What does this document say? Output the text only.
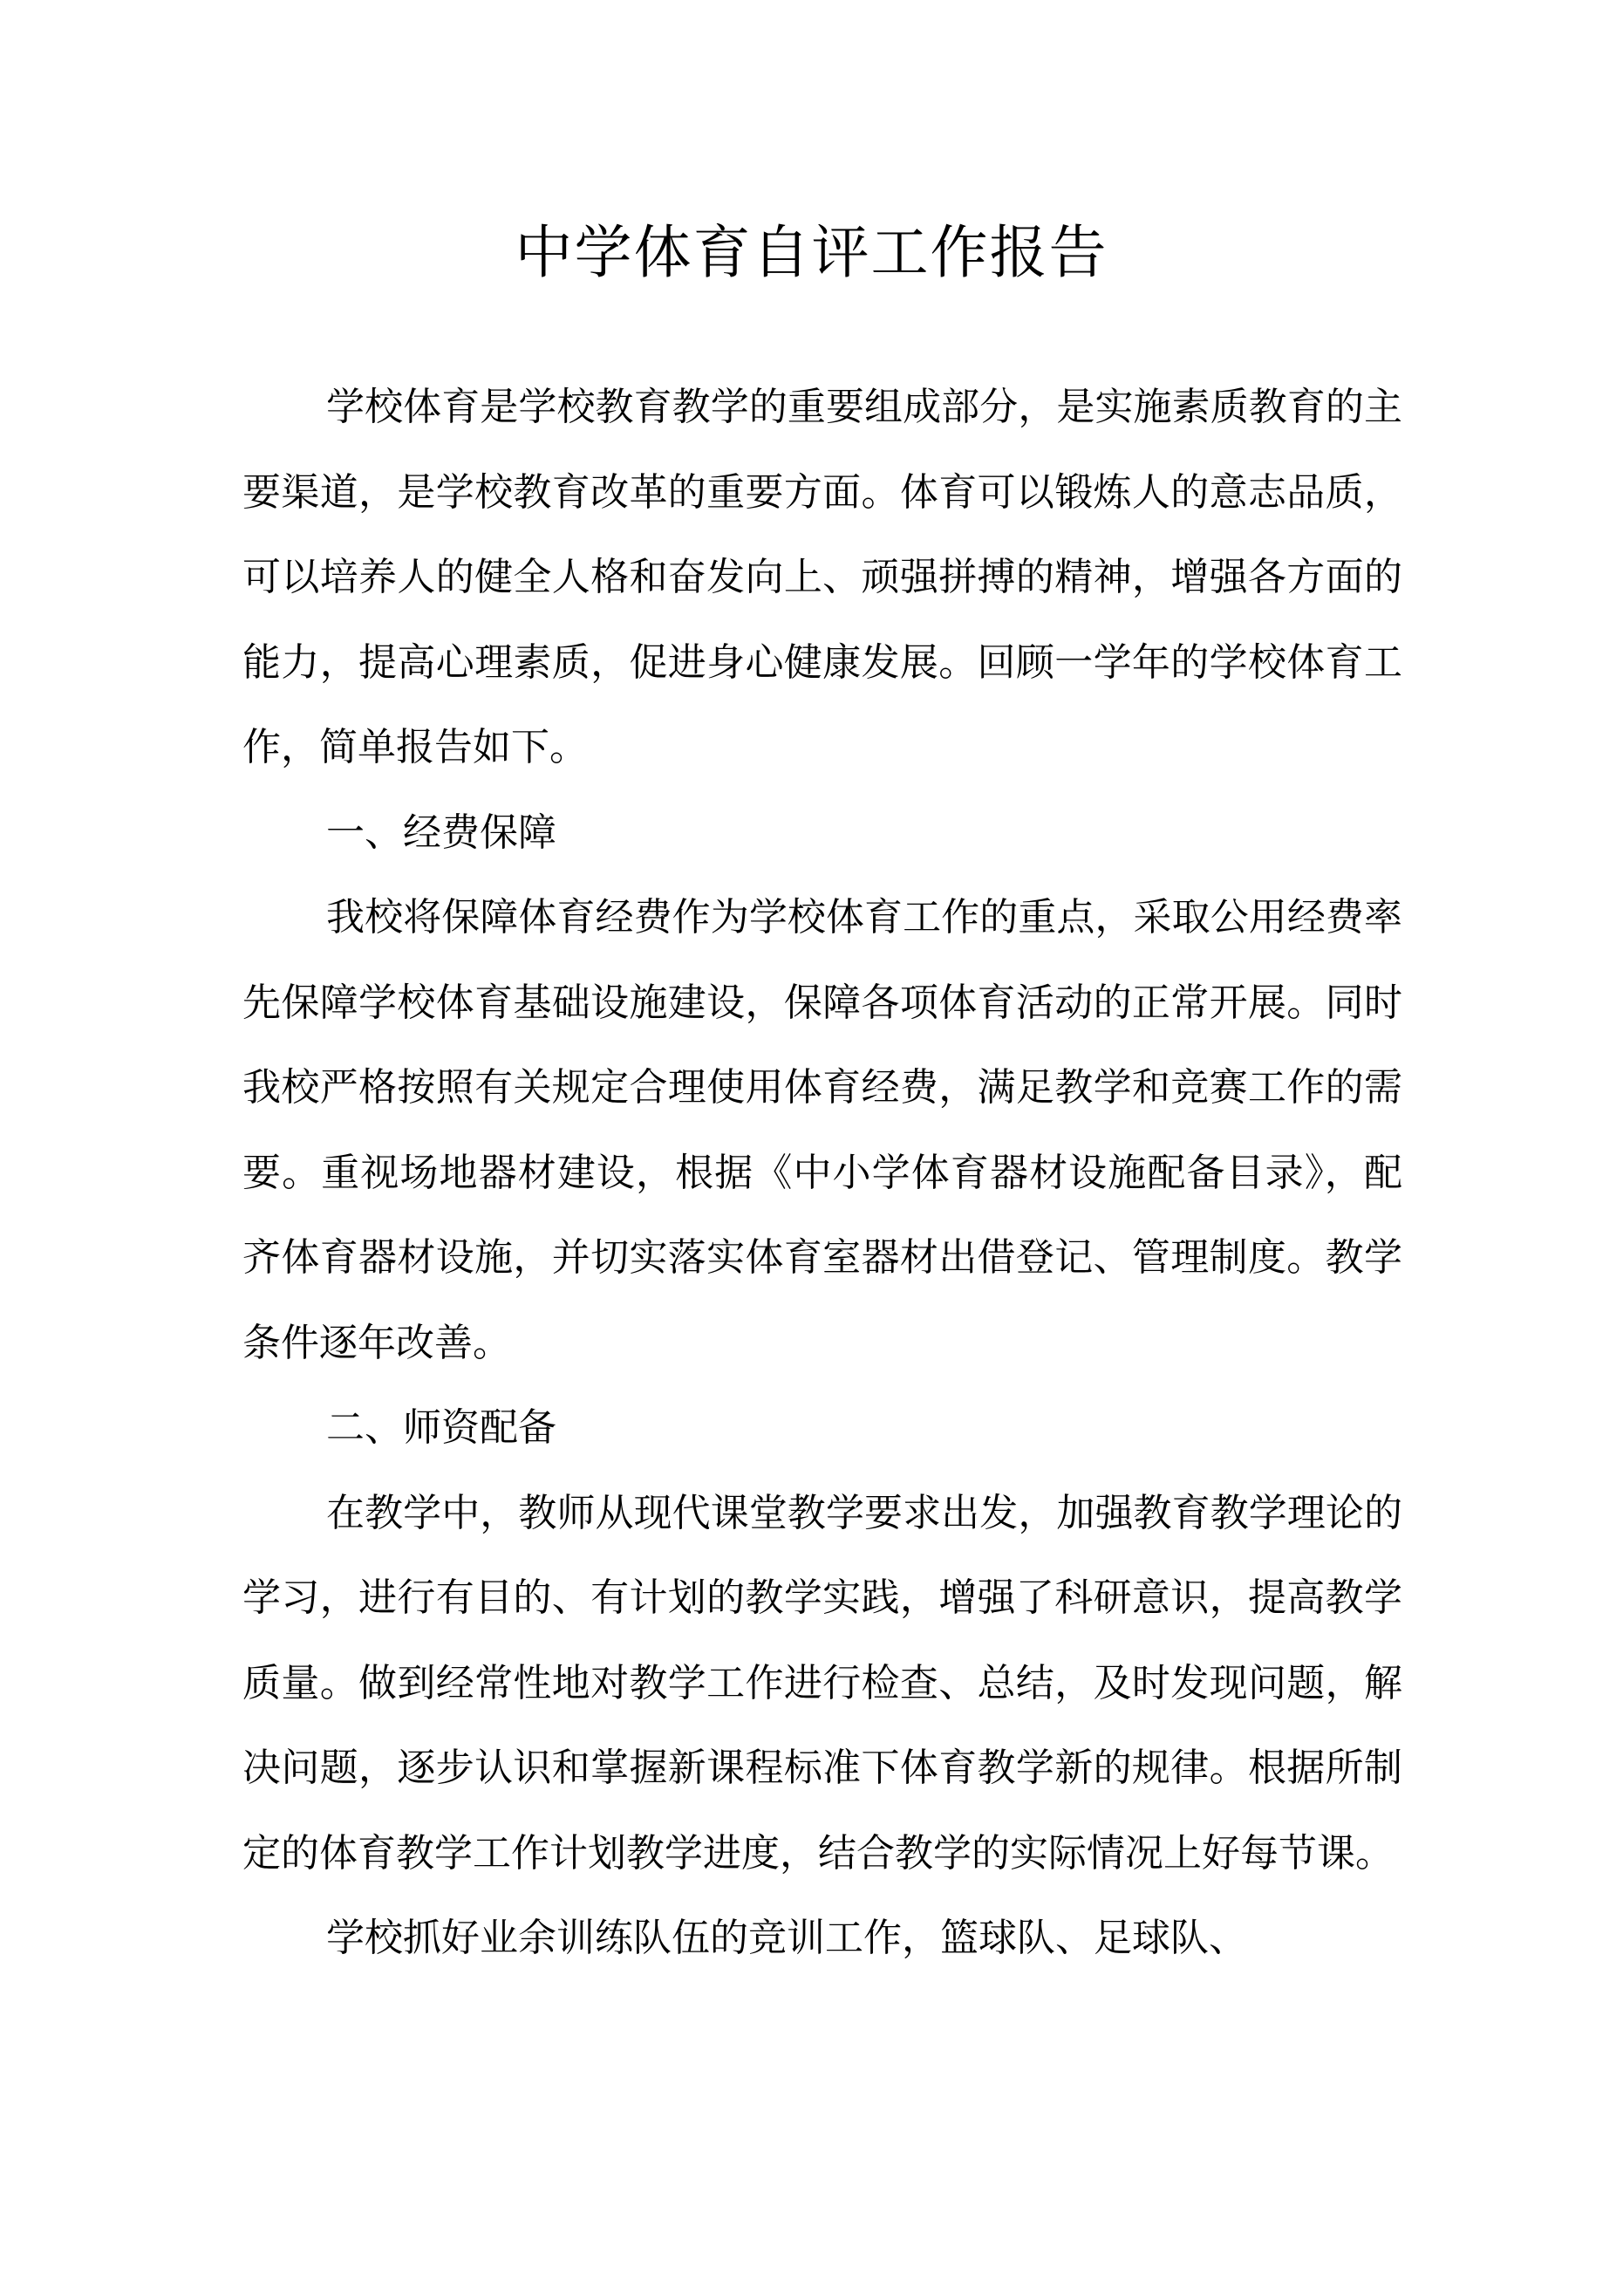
中学体育自评工作报告

学校体育是学校教育教学的重要组成部分，是实施素质教育的主要渠道，是学校教育改革的重要方面。体育可以锻炼人的意志品质，可以培养人的健全人格和奋发向上、顽强拼搏的精神，增强各方面的能力，提高心理素质，促进身心健康发展。回顾一学年的学校体育工作，简单报告如下。

一、经费保障

我校将保障体育经费作为学校体育工作的重点，采取公用经费率先保障学校体育基础设施建设，保障各项体育活动的正常开展。同时我校严格按照有关规定合理使用体育经费，满足教学和竞赛工作的需要。重视场地器材建设，根据《中小学体育器材设施配备目录》，配齐体育器材设施，并切实落实体育室器材出借登记、管理制度。教学条件逐年改善。

二、师资配备

在教学中，教师从现代课堂教学要求出发，加强教育教学理论的学习，进行有目的、有计划的教学实践，增强了科研意识，提高教学质量。做到经常性地对教学工作进行检查、总结，及时发现问题，解决问题，逐步认识和掌握新课程标准下体育教学新的规律。根据所制定的体育教学工作计划教学进度，结合教学的实际情况上好每节课。

学校抓好业余训练队伍的竞训工作，篮球队、足球队、
